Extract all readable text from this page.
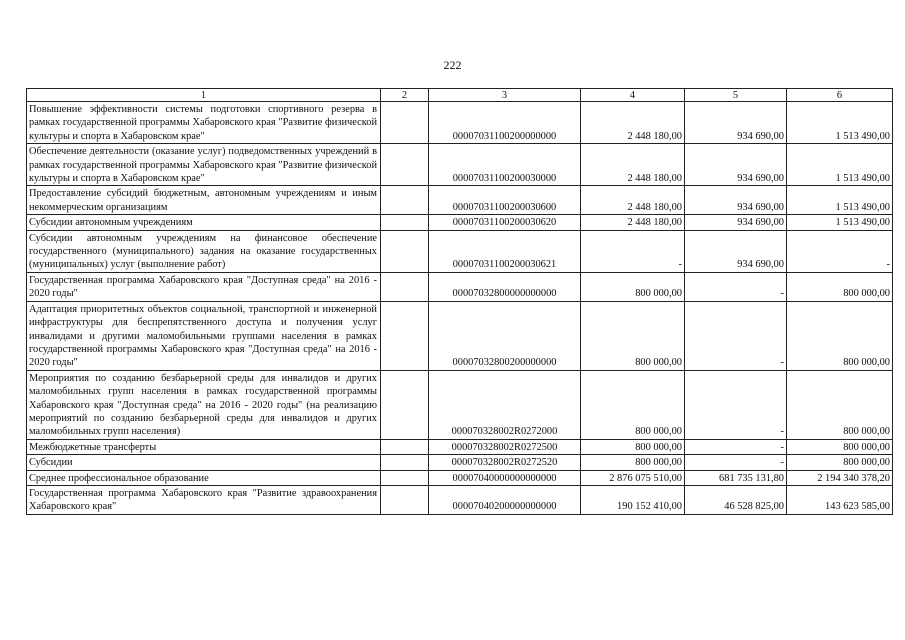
222
1	2	3	4	5	6
Повышение эффективности системы подготовки спортивного резерва в рамках государственной программы Хабаровского края "Развитие физической культуры и спорта в Хабаровском крае"		00007031100200000000	2 448 180,00	934 690,00	1 513 490,00
Обеспечение деятельности (оказание услуг) подведомственных учреждений в рамках государственной программы Хабаровского края "Развитие физической культуры и спорта в Хабаровском крае"		00007031100200030000	2 448 180,00	934 690,00	1 513 490,00
Предоставление субсидий бюджетным, автономным учреждениям и иным некоммерческим организациям		00007031100200030600	2 448 180,00	934 690,00	1 513 490,00
Субсидии автономным учреждениям		00007031100200030620	2 448 180,00	934 690,00	1 513 490,00
Субсидии автономным учреждениям на финансовое обеспечение государственного (муниципального) задания на оказание государственных (муниципальных) услуг (выполнение работ)		00007031100200030621	-	934 690,00	-
Государственная программа Хабаровского края "Доступная среда" на 2016 - 2020 годы"		00007032800000000000	800 000,00	-	800 000,00
Адаптация приоритетных объектов социальной, транспортной и инженерной инфраструктуры для беспрепятственного доступа и получения услуг инвалидами и другими маломобильными группами населения в рамках государственной программы Хабаровского края "Доступная среда" на 2016 - 2020 годы"		00007032800200000000	800 000,00	-	800 000,00
Мероприятия по созданию безбарьерной среды для инвалидов и других маломобильных групп населения в рамках государственной программы Хабаровского края "Доступная среда" на 2016 - 2020 годы" (на реализацию мероприятий по созданию безбарьерной среды для инвалидов и других маломобильных групп населения)		000070328002R0272000	800 000,00	-	800 000,00
Межбюджетные трансферты		000070328002R0272500	800 000,00	-	800 000,00
Субсидии		000070328002R0272520	800 000,00	-	800 000,00
Среднее профессиональное образование		00007040000000000000	2 876 075 510,00	681 735 131,80	2 194 340 378,20
Государственная программа Хабаровского края "Развитие здравоохранения Хабаровского края"		00007040200000000000	190 152 410,00	46 528 825,00	143 623 585,00
